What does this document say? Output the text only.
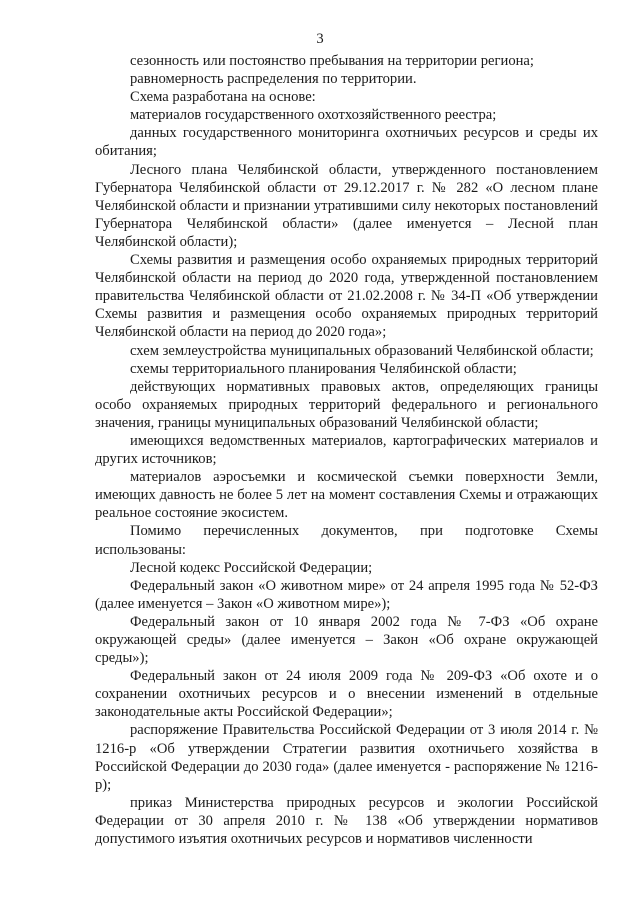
3

сезонность или постоянство пребывания на территории региона;

равномерность распределения по территории.

Схема разработана на основе:

материалов государственного охотхозяйственного реестра;

данных государственного мониторинга охотничьих ресурсов и среды их обитания;

Лесного плана Челябинской области, утвержденного постановлением Губернатора Челябинской области от 29.12.2017 г. № 282 «О лесном плане Челябинской области и признании утратившими силу некоторых постановлений Губернатора Челябинской области» (далее именуется – Лесной план Челябинской области);

Схемы развития и размещения особо охраняемых природных территорий Челябинской области на период до 2020 года, утвержденной постановлением правительства Челябинской области от 21.02.2008 г. № 34-П «Об утверждении Схемы развития и размещения особо охраняемых природных территорий Челябинской области на период до 2020 года»;

схем землеустройства муниципальных образований Челябинской области;

схемы территориального планирования Челябинской области;

действующих нормативных правовых актов, определяющих границы особо охраняемых природных территорий федерального и регионального значения, границы муниципальных образований Челябинской области;

имеющихся ведомственных материалов, картографических материалов и других источников;

материалов аэросъемки и космической съемки поверхности Земли, имеющих давность не более 5 лет на момент составления Схемы и отражающих реальное состояние экосистем.

Помимо перечисленных документов, при подготовке Схемы использованы:

Лесной кодекс Российской Федерации;

Федеральный закон «О животном мире» от 24 апреля 1995 года № 52-ФЗ (далее именуется – Закон «О животном мире»);

Федеральный закон от 10 января 2002 года № 7-ФЗ «Об охране окружающей среды» (далее именуется – Закон «Об охране окружающей среды»);

Федеральный закон от 24 июля 2009 года № 209-ФЗ «Об охоте и о сохранении охотничьих ресурсов и о внесении изменений в отдельные законодательные акты Российской Федерации»;

распоряжение Правительства Российской Федерации от 3 июля 2014 г. № 1216-р «Об утверждении Стратегии развития охотничьего хозяйства в Российской Федерации до 2030 года» (далее именуется - распоряжение № 1216-р);

приказ Министерства природных ресурсов и экологии Российской Федерации от 30 апреля 2010 г. № 138 «Об утверждении нормативов допустимого изъятия охотничьих ресурсов и нормативов численности
